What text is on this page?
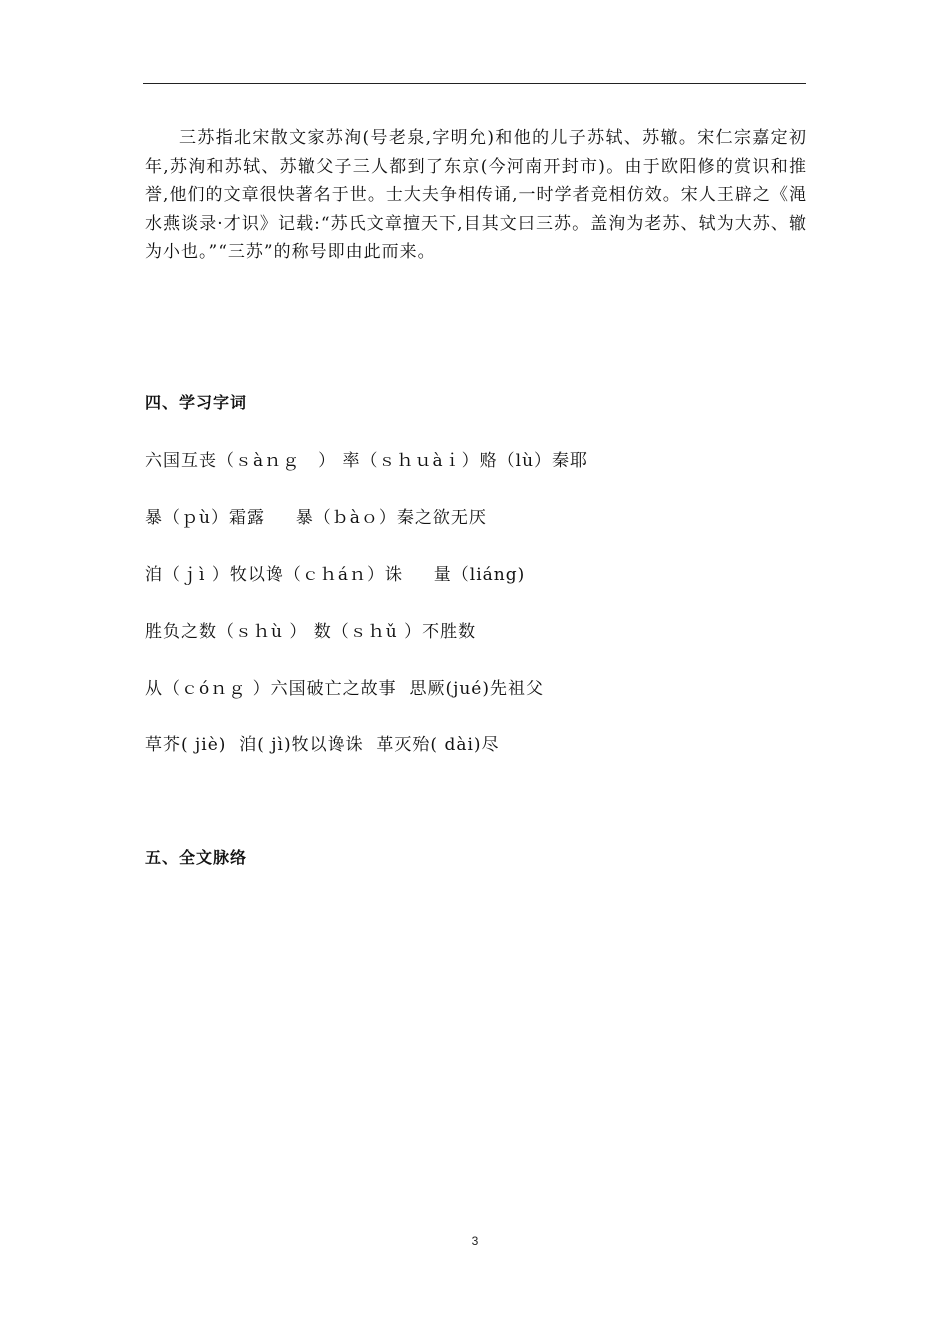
三苏指北宋散文家苏洵(号老泉,字明允)和他的儿子苏轼、苏辙。宋仁宗嘉定初年,苏洵和苏轼、苏辙父子三人都到了东京(今河南开封市)。由于欧阳修的赏识和推誉,他们的文章很快著名于世。士大夫争相传诵,一时学者竞相仿效。宋人王辟之《渑水燕谈录·才识》记载:“苏氏文章擅天下,目其文曰三苏。盖洵为老苏、轼为大苏、辙为小也。”“三苏”的称号即由此而来。

四、学习字词

六国互丧（ｓàｎｇ　） 率（ｓｈｕàｉ）赂（lù）秦耶

暴（ｐù）霜露　  暴（ｂàｏ）秦之欲无厌

洎（ｊì ）牧以谗（ｃｈáｎ）诛　  量（liáng)

胜负之数（ｓｈù ） 数（ｓｈǔ ）不胜数

从（ｃóｎｇ ）六国破亡之故事  思厥(jué)先祖父

草芥( jiè)  洎( jì)牧以谗诛  革灭殆( dài)尽

五、全文脉络
3
